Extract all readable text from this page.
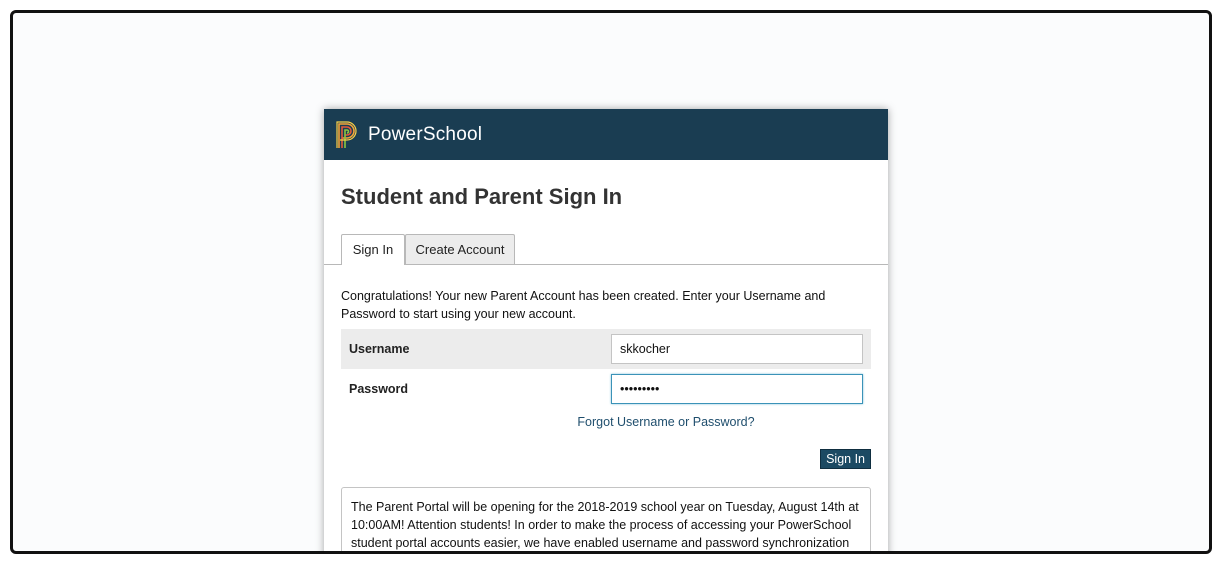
PowerSchool
Student and Parent Sign In
Sign In	Create Account
Congratulations! Your new Parent Account has been created. Enter your Username and Password to start using your new account.
Username
skkocher
Password
•••••••••
Forgot Username or Password?
Sign In
The Parent Portal will be opening for the 2018-2019 school year on Tuesday, August 14th at 10:00AM! Attention students! In order to make the process of accessing your PowerSchool student portal accounts easier, we have enabled username and password synchronization
